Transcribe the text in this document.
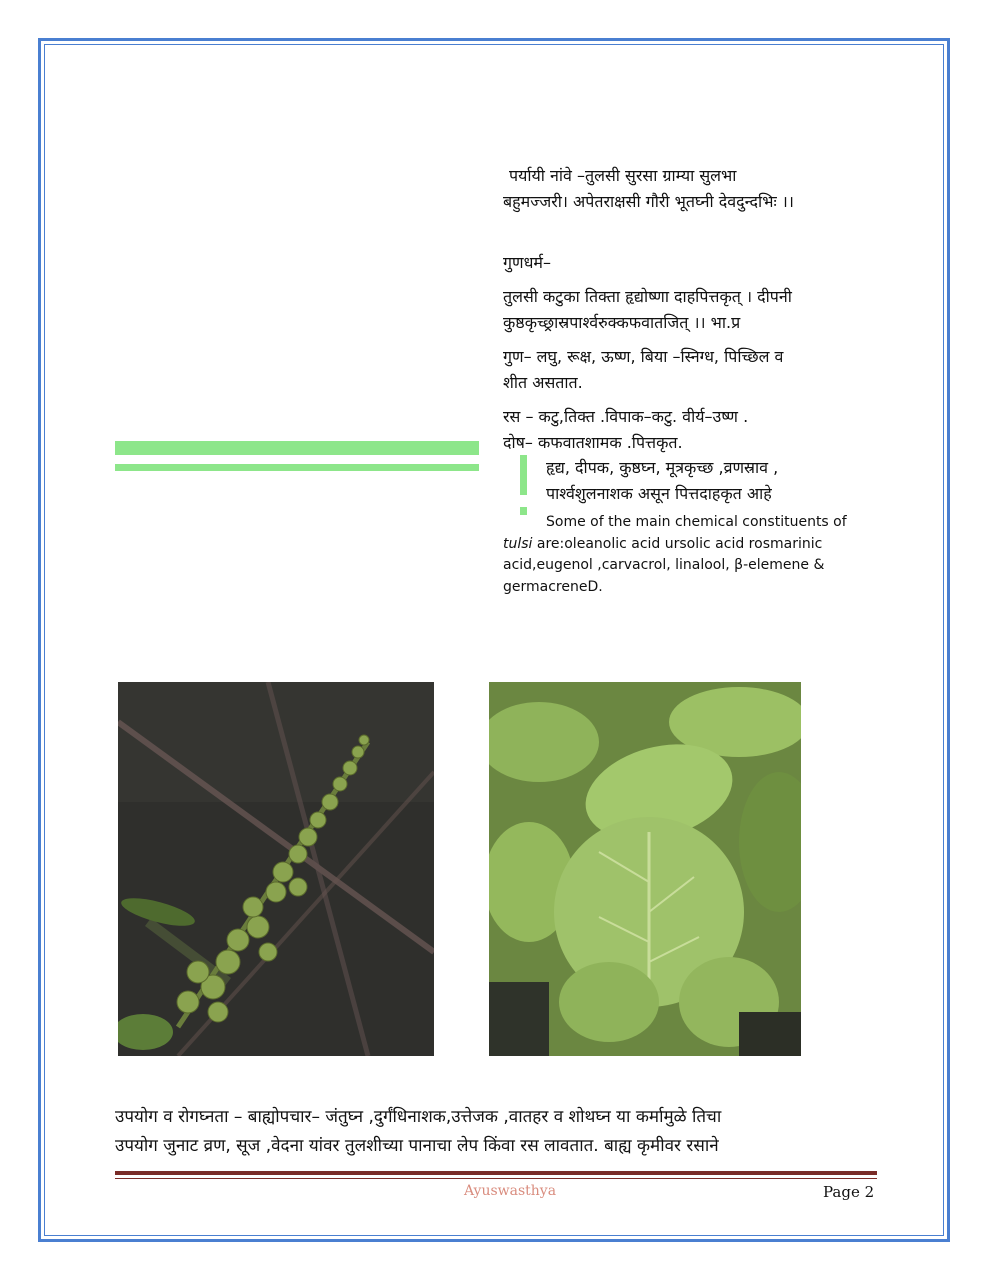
पर्यायी नांवे –तुलसी सुरसा ग्राम्या सुलभा
बहुमज्जरी। अपेतराक्षसी गौरी भूतघ्नी देवदुन्दभिः ।।

गुणधर्म–

तुलसी कटुका तिक्ता हृद्योष्णा दाहपित्तकृत् । दीपनी

कुष्ठकृच्छ्रास्रपार्श्वरुक्कफवातजित् ।। भा.प्र

गुण– लघु, रूक्ष, ऊष्ण, बिया –स्निग्ध, पिच्छिल व

शीत असतात.

रस – कटु,तिक्त .विपाक–कटु. वीर्य–उष्ण .

दोष– कफवातशामक .पित्तकृत.

हृद्य, दीपक, कुष्ठघ्न, मूत्रकृच्छ ,व्रणस्राव ,
पार्श्वशुलनाशक असून पित्तदाहकृत आहे
Some of the main chemical constituents of
tulsi are:oleanolic acid ursolic acid rosmarinic
acid,eugenol ,carvacrol, linalool, β-elemene &
germacreneD.
उपयोग व रोगघ्नता – बाह्योपचार– जंतुघ्न ,दुर्गंधिनाशक,उत्तेजक ,वातहर व शोथघ्न या कर्मामुळे तिचा
उपयोग जुनाट व्रण, सूज ,वेदना यांवर तुलशीच्या पानाचा लेप किंवा रस लावतात. बाह्य कृमीवर रसाने
Ayuswasthya	Page 2
